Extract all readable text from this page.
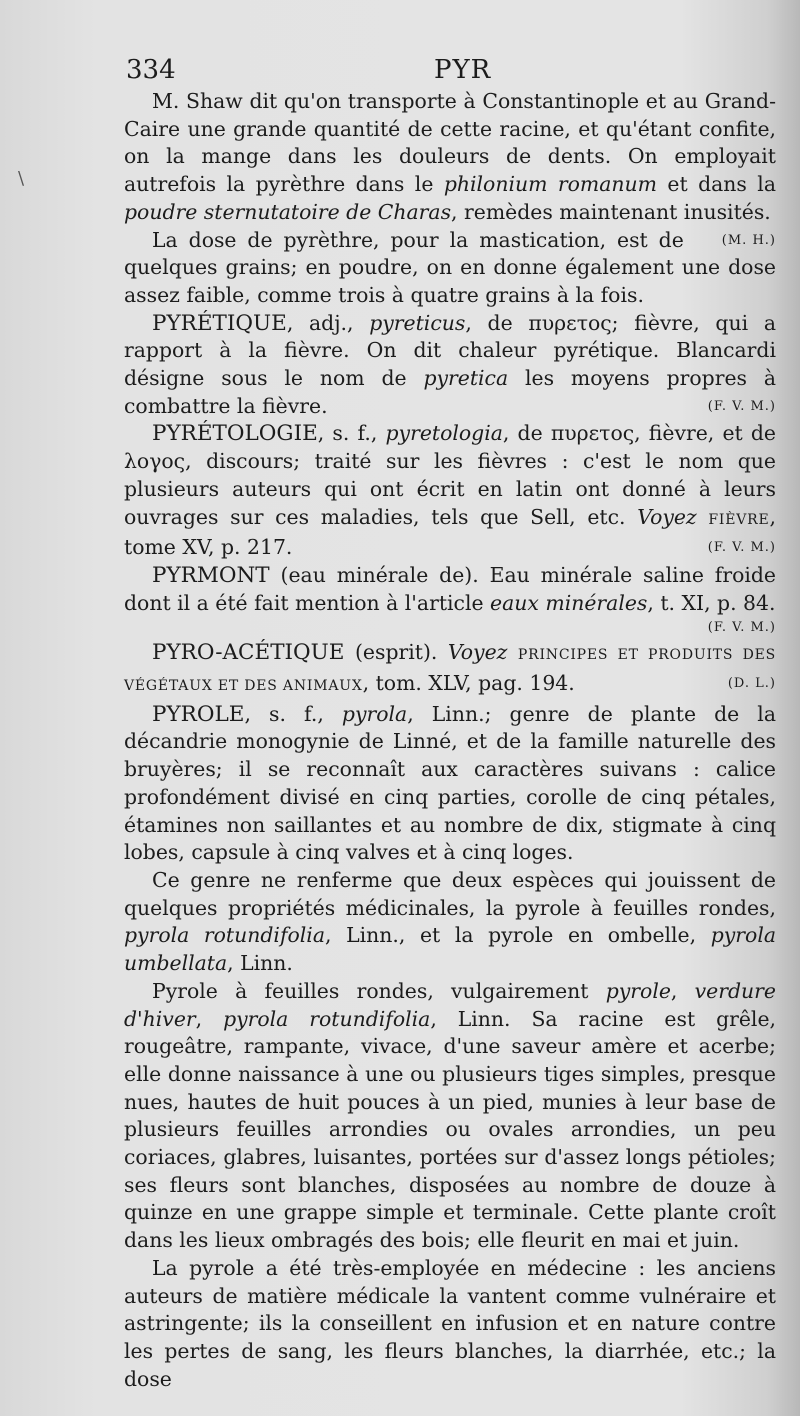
\
334	PYR

M. Shaw dit qu'on transporte à Constantinople et au Grand-Caire une grande quantité de cette racine, et qu'étant confite, on la mange dans les douleurs de dents. On employait autrefois la pyrèthre dans le philonium romanum et dans la poudre sternutatoire de Charas, remèdes maintenant inusités.

(M. H.)
La dose de pyrèthre, pour la mastication, est de quelques grains; en poudre, on en donne également une dose assez faible, comme trois à quatre grains à la fois.

PYRÉTIQUE, adj., pyreticus, de πυρετος; fièvre, qui a rapport à la fièvre. On dit chaleur pyrétique. Blancardi désigne sous le nom de pyretica les moyens propres à combattre la fièvre.	(F. V. M.)

PYRÉTOLOGIE, s. f., pyretologia, de πυρετος, fièvre, et de λογος, discours; traité sur les fièvres : c'est le nom que plusieurs auteurs qui ont écrit en latin ont donné à leurs ouvrages sur ces maladies, tels que Sell, etc. Voyez FIÈVRE, tome XV, p. 217.	(F. V. M.)

PYRMONT (eau minérale de). Eau minérale saline froide dont il a été fait mention à l'article eaux minérales, t. XI, p. 84.
(F. V. M.)

PYRO-ACÉTIQUE (esprit). Voyez PRINCIPES ET PRODUITS DES VÉGÉTAUX ET DES ANIMAUX, tom. XLV, pag. 194.	(D. L.)

PYROLE, s. f., pyrola, Linn.; genre de plante de la décandrie monogynie de Linné, et de la famille naturelle des bruyères; il se reconnaît aux caractères suivans : calice profondément divisé en cinq parties, corolle de cinq pétales, étamines non saillantes et au nombre de dix, stigmate à cinq lobes, capsule à cinq valves et à cinq loges.

Ce genre ne renferme que deux espèces qui jouissent de quelques propriétés médicinales, la pyrole à feuilles rondes, pyrola rotundifolia, Linn., et la pyrole en ombelle, pyrola umbellata, Linn.

Pyrole à feuilles rondes, vulgairement pyrole, verdure d'hiver, pyrola rotundifolia, Linn. Sa racine est grêle, rougeâtre, rampante, vivace, d'une saveur amère et acerbe; elle donne naissance à une ou plusieurs tiges simples, presque nues, hautes de huit pouces à un pied, munies à leur base de plusieurs feuilles arrondies ou ovales arrondies, un peu coriaces, glabres, luisantes, portées sur d'assez longs pétioles; ses fleurs sont blanches, disposées au nombre de douze à quinze en une grappe simple et terminale. Cette plante croît dans les lieux ombragés des bois; elle fleurit en mai et juin.

La pyrole a été très-employée en médecine : les anciens auteurs de matière médicale la vantent comme vulnéraire et astringente; ils la conseillent en infusion et en nature contre les pertes de sang, les fleurs blanches, la diarrhée, etc.; la dose
